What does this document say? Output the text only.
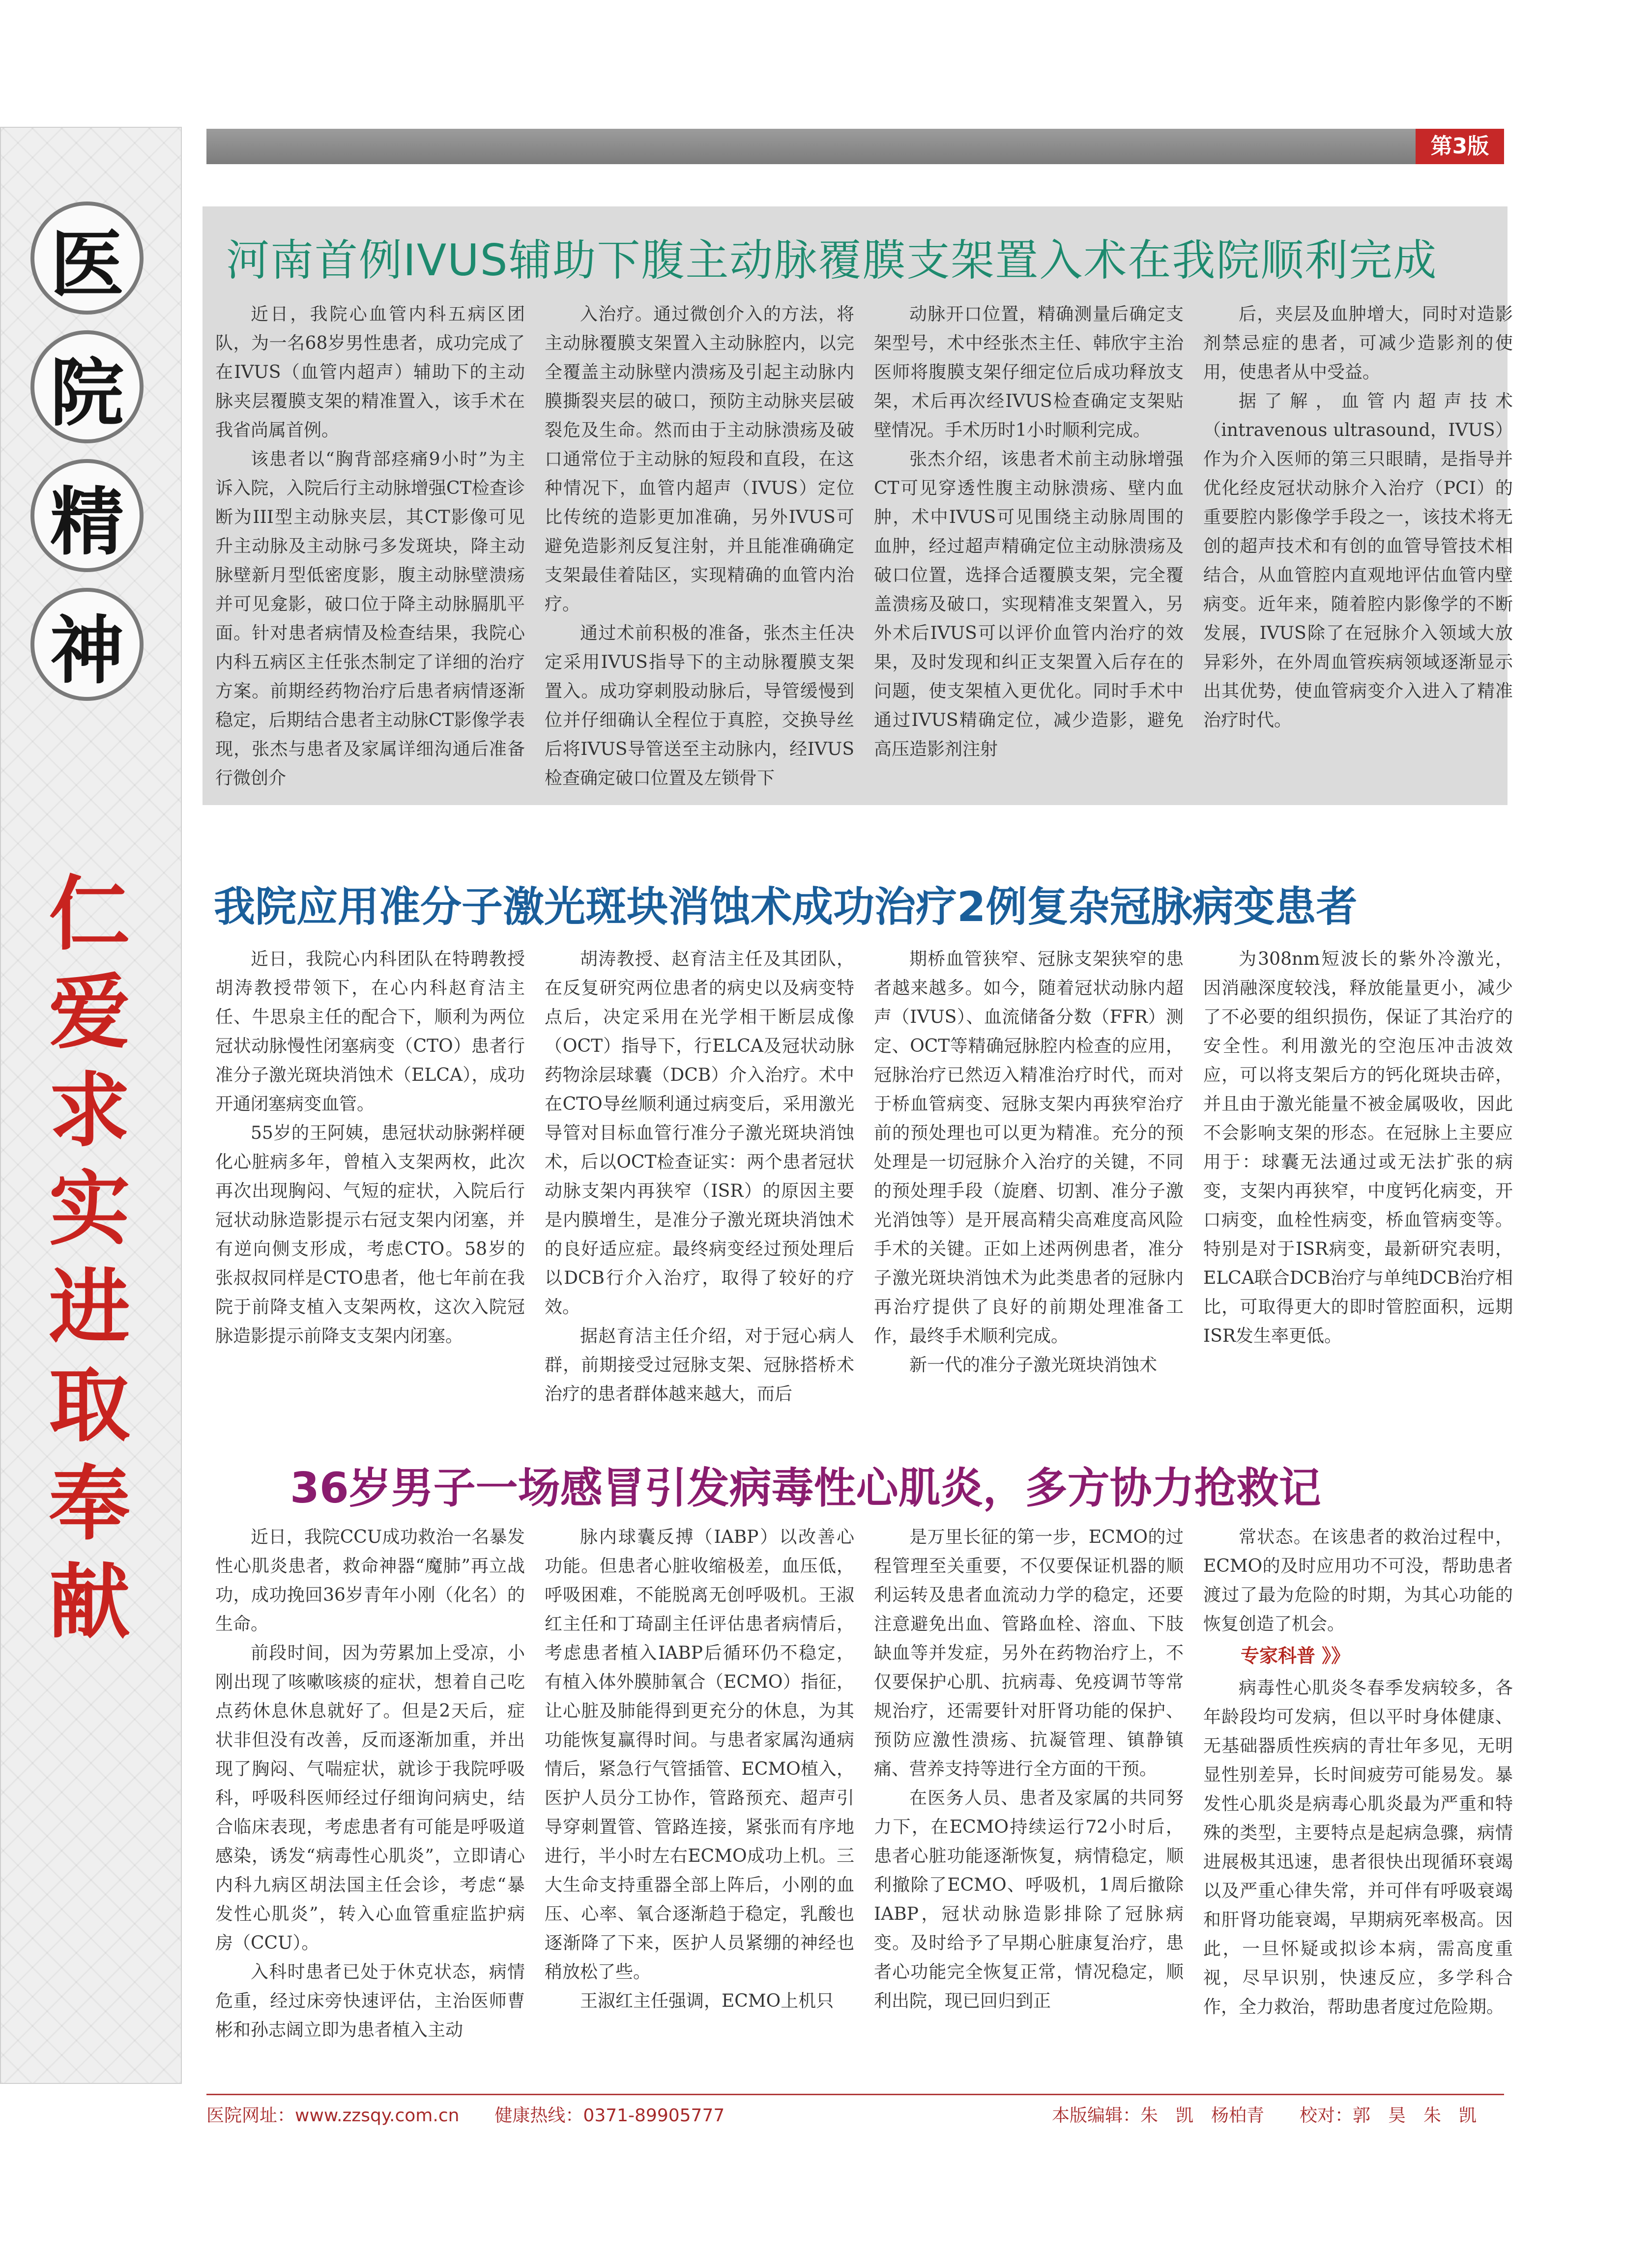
医
院
精
神
仁
爱
求
实
进
取
奉
献
第3版
河南首例IVUS辅助下腹主动脉覆膜支架置入术在我院顺利完成

近日，我院心血管内科五病区团队，为一名68岁男性患者，成功完成了在IVUS（血管内超声）辅助下的主动脉夹层覆膜支架的精准置入，该手术在我省尚属首例。

该患者以“胸背部痉痛9小时”为主诉入院，入院后行主动脉增强CT检查诊断为III型主动脉夹层，其CT影像可见升主动脉及主动脉弓多发斑块，降主动脉壁新月型低密度影，腹主动脉壁溃疡并可见龛影，破口位于降主动脉膈肌平面。针对患者病情及检查结果，我院心内科五病区主任张杰制定了详细的治疗方案。前期经药物治疗后患者病情逐渐稳定，后期结合患者主动脉CT影像学表现，张杰与患者及家属详细沟通后准备行微创介

入治疗。通过微创介入的方法，将主动脉覆膜支架置入主动脉腔内，以完全覆盖主动脉壁内溃疡及引起主动脉内膜撕裂夹层的破口，预防主动脉夹层破裂危及生命。然而由于主动脉溃疡及破口通常位于主动脉的短段和直段，在这种情况下，血管内超声（IVUS）定位比传统的造影更加准确，另外IVUS可避免造影剂反复注射，并且能准确确定支架最佳着陆区，实现精确的血管内治疗。

通过术前积极的准备，张杰主任决定采用IVUS指导下的主动脉覆膜支架置入。成功穿刺股动脉后，导管缓慢到位并仔细确认全程位于真腔，交换导丝后将IVUS导管送至主动脉内，经IVUS检查确定破口位置及左锁骨下

动脉开口位置，精确测量后确定支架型号，术中经张杰主任、韩欣宇主治医师将腹膜支架仔细定位后成功释放支架，术后再次经IVUS检查确定支架贴壁情况。手术历时1小时顺利完成。

张杰介绍，该患者术前主动脉增强CT可见穿透性腹主动脉溃疡、壁内血肿，术中IVUS可见围绕主动脉周围的血肿，经过超声精确定位主动脉溃疡及破口位置，选择合适覆膜支架，完全覆盖溃疡及破口，实现精准支架置入，另外术后IVUS可以评价血管内治疗的效果，及时发现和纠正支架置入后存在的问题，使支架植入更优化。同时手术中通过IVUS精确定位，减少造影，避免高压造影剂注射

后，夹层及血肿增大，同时对造影剂禁忌症的患者，可减少造影剂的使用，使患者从中受益。

据了解，血管内超声技术（intravenous ultrasound，IVUS）作为介入医师的第三只眼睛，是指导并优化经皮冠状动脉介入治疗（PCI）的重要腔内影像学手段之一，该技术将无创的超声技术和有创的血管导管技术相结合，从血管腔内直观地评估血管内壁病变。近年来，随着腔内影像学的不断发展，IVUS除了在冠脉介入领域大放异彩外，在外周血管疾病领域逐渐显示出其优势，使血管病变介入进入了精准治疗时代。

我院应用准分子激光斑块消蚀术成功治疗2例复杂冠脉病变患者

近日，我院心内科团队在特聘教授胡涛教授带领下，在心内科赵育洁主任、牛思泉主任的配合下，顺利为两位冠状动脉慢性闭塞病变（CTO）患者行准分子激光斑块消蚀术（ELCA），成功开通闭塞病变血管。

55岁的王阿姨，患冠状动脉粥样硬化心脏病多年，曾植入支架两枚，此次再次出现胸闷、气短的症状，入院后行冠状动脉造影提示右冠支架内闭塞，并有逆向侧支形成，考虑CTO。58岁的张叔叔同样是CTO患者，他七年前在我院于前降支植入支架两枚，这次入院冠脉造影提示前降支支架内闭塞。

胡涛教授、赵育洁主任及其团队，在反复研究两位患者的病史以及病变特点后，决定采用在光学相干断层成像（OCT）指导下，行ELCA及冠状动脉药物涂层球囊（DCB）介入治疗。术中在CTO导丝顺利通过病变后，采用激光导管对目标血管行准分子激光斑块消蚀术，后以OCT检查证实：两个患者冠状动脉支架内再狭窄（ISR）的原因主要是内膜增生，是准分子激光斑块消蚀术的良好适应症。最终病变经过预处理后以DCB行介入治疗，取得了较好的疗效。

据赵育洁主任介绍，对于冠心病人群，前期接受过冠脉支架、冠脉搭桥术治疗的患者群体越来越大，而后

期桥血管狭窄、冠脉支架狭窄的患者越来越多。如今，随着冠状动脉内超声（IVUS）、血流储备分数（FFR）测定、OCT等精确冠脉腔内检查的应用，冠脉治疗已然迈入精准治疗时代，而对于桥血管病变、冠脉支架内再狭窄治疗前的预处理也可以更为精准。充分的预处理是一切冠脉介入治疗的关键，不同的预处理手段（旋磨、切割、准分子激光消蚀等）是开展高精尖高难度高风险手术的关键。正如上述两例患者，准分子激光斑块消蚀术为此类患者的冠脉内再治疗提供了良好的前期处理准备工作，最终手术顺利完成。

新一代的准分子激光斑块消蚀术

为308nm短波长的紫外冷激光，因消融深度较浅，释放能量更小，减少了不必要的组织损伤，保证了其治疗的安全性。利用激光的空泡压冲击波效应，可以将支架后方的钙化斑块击碎，并且由于激光能量不被金属吸收，因此不会影响支架的形态。在冠脉上主要应用于：球囊无法通过或无法扩张的病变，支架内再狭窄，中度钙化病变，开口病变，血栓性病变，桥血管病变等。特别是对于ISR病变，最新研究表明，ELCA联合DCB治疗与单纯DCB治疗相比，可取得更大的即时管腔面积，远期ISR发生率更低。

36岁男子一场感冒引发病毒性心肌炎，多方协力抢救记

近日，我院CCU成功救治一名暴发性心肌炎患者，救命神器“魔肺”再立战功，成功挽回36岁青年小刚（化名）的生命。

前段时间，因为劳累加上受凉，小刚出现了咳嗽咳痰的症状，想着自己吃点药休息休息就好了。但是2天后，症状非但没有改善，反而逐渐加重，并出现了胸闷、气喘症状，就诊于我院呼吸科，呼吸科医师经过仔细询问病史，结合临床表现，考虑患者有可能是呼吸道感染，诱发“病毒性心肌炎”，立即请心内科九病区胡法国主任会诊，考虑“暴发性心肌炎”，转入心血管重症监护病房（CCU）。

入科时患者已处于休克状态，病情危重，经过床旁快速评估，主治医师曹彬和孙志阔立即为患者植入主动

脉内球囊反搏（IABP）以改善心功能。但患者心脏收缩极差，血压低，呼吸困难，不能脱离无创呼吸机。王淑红主任和丁琦副主任评估患者病情后，考虑患者植入IABP后循环仍不稳定，有植入体外膜肺氧合（ECMO）指征，让心脏及肺能得到更充分的休息，为其功能恢复赢得时间。与患者家属沟通病情后，紧急行气管插管、ECMO植入，医护人员分工协作，管路预充、超声引导穿刺置管、管路连接，紧张而有序地进行，半小时左右ECMO成功上机。三大生命支持重器全部上阵后，小刚的血压、心率、氧合逐渐趋于稳定，乳酸也逐渐降了下来，医护人员紧绷的神经也稍放松了些。

王淑红主任强调，ECMO上机只

是万里长征的第一步，ECMO的过程管理至关重要，不仅要保证机器的顺利运转及患者血流动力学的稳定，还要注意避免出血、管路血栓、溶血、下肢缺血等并发症，另外在药物治疗上，不仅要保护心肌、抗病毒、免疫调节等常规治疗，还需要针对肝肾功能的保护、预防应激性溃疡、抗凝管理、镇静镇痛、营养支持等进行全方面的干预。

在医务人员、患者及家属的共同努力下，在ECMO持续运行72小时后，患者心脏功能逐渐恢复，病情稳定，顺利撤除了ECMO、呼吸机，1周后撤除IABP，冠状动脉造影排除了冠脉病变。及时给予了早期心脏康复治疗，患者心功能完全恢复正常，情况稳定，顺利出院，现已回归到正

常状态。在该患者的救治过程中，ECMO的及时应用功不可没，帮助患者渡过了最为危险的时期，为其心功能的恢复创造了机会。

专家科普 》》

病毒性心肌炎冬春季发病较多，各年龄段均可发病，但以平时身体健康、无基础器质性疾病的青壮年多见，无明显性别差异，长时间疲劳可能易发。暴发性心肌炎是病毒心肌炎最为严重和特殊的类型，主要特点是起病急骤，病情进展极其迅速，患者很快出现循环衰竭以及严重心律失常，并可伴有呼吸衰竭和肝肾功能衰竭，早期病死率极高。因此，一旦怀疑或拟诊本病，需高度重视，尽早识别，快速反应，多学科合作，全力救治，帮助患者度过危险期。

医院网址：www.zzsqy.com.cn　　健康热线：0371-89905777	本版编辑：朱　凯　杨柏青　　校对：郭　昊　朱　凯
